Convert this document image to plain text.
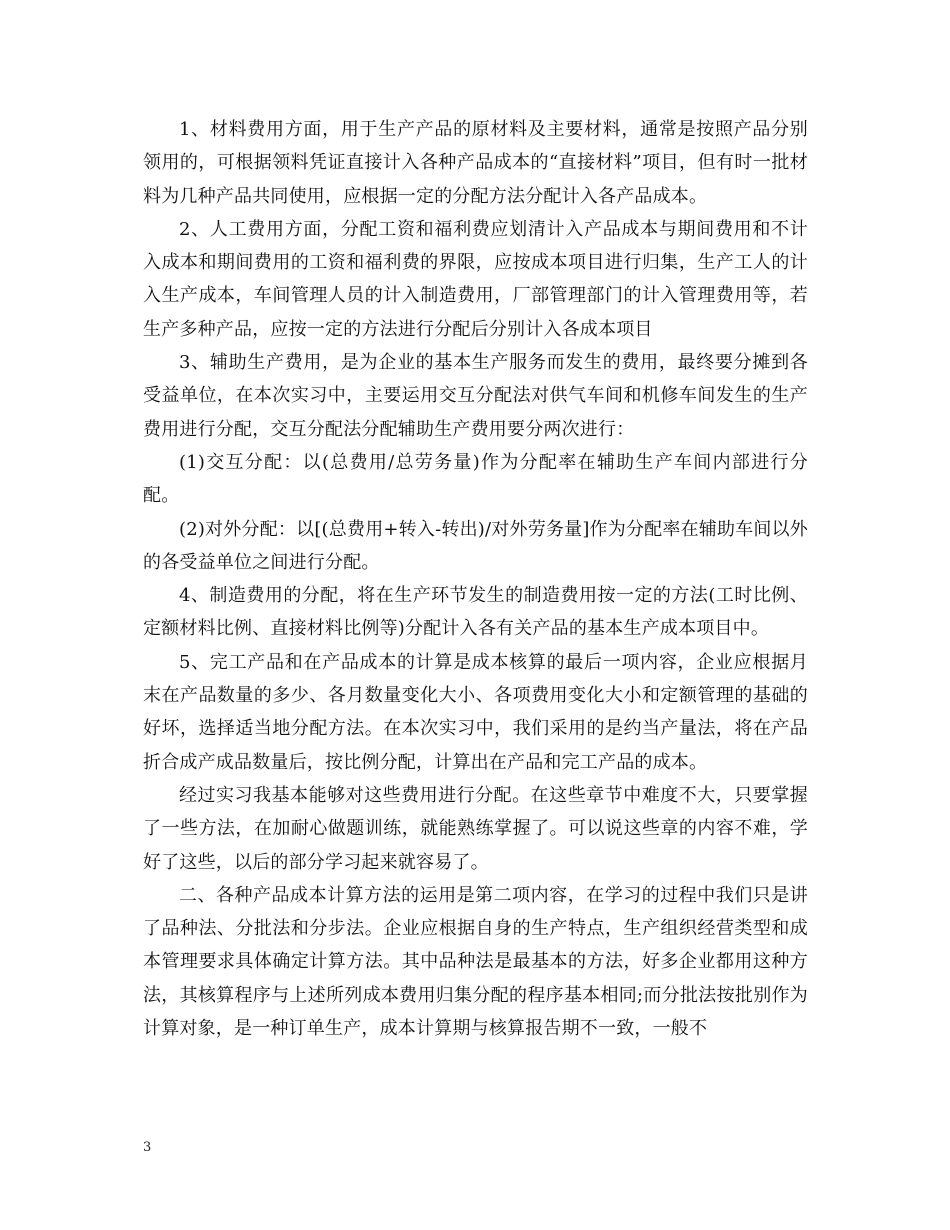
1、材料费用方面，用于生产产品的原材料及主要材料，通常是按照产品分别领用的，可根据领料凭证直接计入各种产品成本的“直接材料”项目，但有时一批材料为几种产品共同使用，应根据一定的分配方法分配计入各产品成本。

2、人工费用方面，分配工资和福利费应划清计入产品成本与期间费用和不计入成本和期间费用的工资和福利费的界限，应按成本项目进行归集，生产工人的计入生产成本，车间管理人员的计入制造费用，厂部管理部门的计入管理费用等，若生产多种产品，应按一定的方法进行分配后分别计入各成本项目

3、辅助生产费用，是为企业的基本生产服务而发生的费用，最终要分摊到各受益单位，在本次实习中，主要运用交互分配法对供气车间和机修车间发生的生产费用进行分配，交互分配法分配辅助生产费用要分两次进行：

(1)交互分配：以(总费用/总劳务量)作为分配率在辅助生产车间内部进行分配。

(2)对外分配：以[(总费用+转入-转出)/对外劳务量]作为分配率在辅助车间以外的各受益单位之间进行分配。

4、制造费用的分配，将在生产环节发生的制造费用按一定的方法(工时比例、定额材料比例、直接材料比例等)分配计入各有关产品的基本生产成本项目中。

5、完工产品和在产品成本的计算是成本核算的最后一项内容，企业应根据月末在产品数量的多少、各月数量变化大小、各项费用变化大小和定额管理的基础的好坏，选择适当地分配方法。在本次实习中，我们采用的是约当产量法，将在产品折合成产成品数量后，按比例分配，计算出在产品和完工产品的成本。

经过实习我基本能够对这些费用进行分配。在这些章节中难度不大，只要掌握了一些方法，在加耐心做题训练，就能熟练掌握了。可以说这些章的内容不难，学好了这些，以后的部分学习起来就容易了。

二、各种产品成本计算方法的运用是第二项内容，在学习的过程中我们只是讲了品种法、分批法和分步法。企业应根据自身的生产特点，生产组织经营类型和成本管理要求具体确定计算方法。其中品种法是最基本的方法，好多企业都用这种方法，其核算程序与上述所列成本费用归集分配的程序基本相同;而分批法按批别作为计算对象，是一种订单生产，成本计算期与核算报告期不一致，一般不

3
